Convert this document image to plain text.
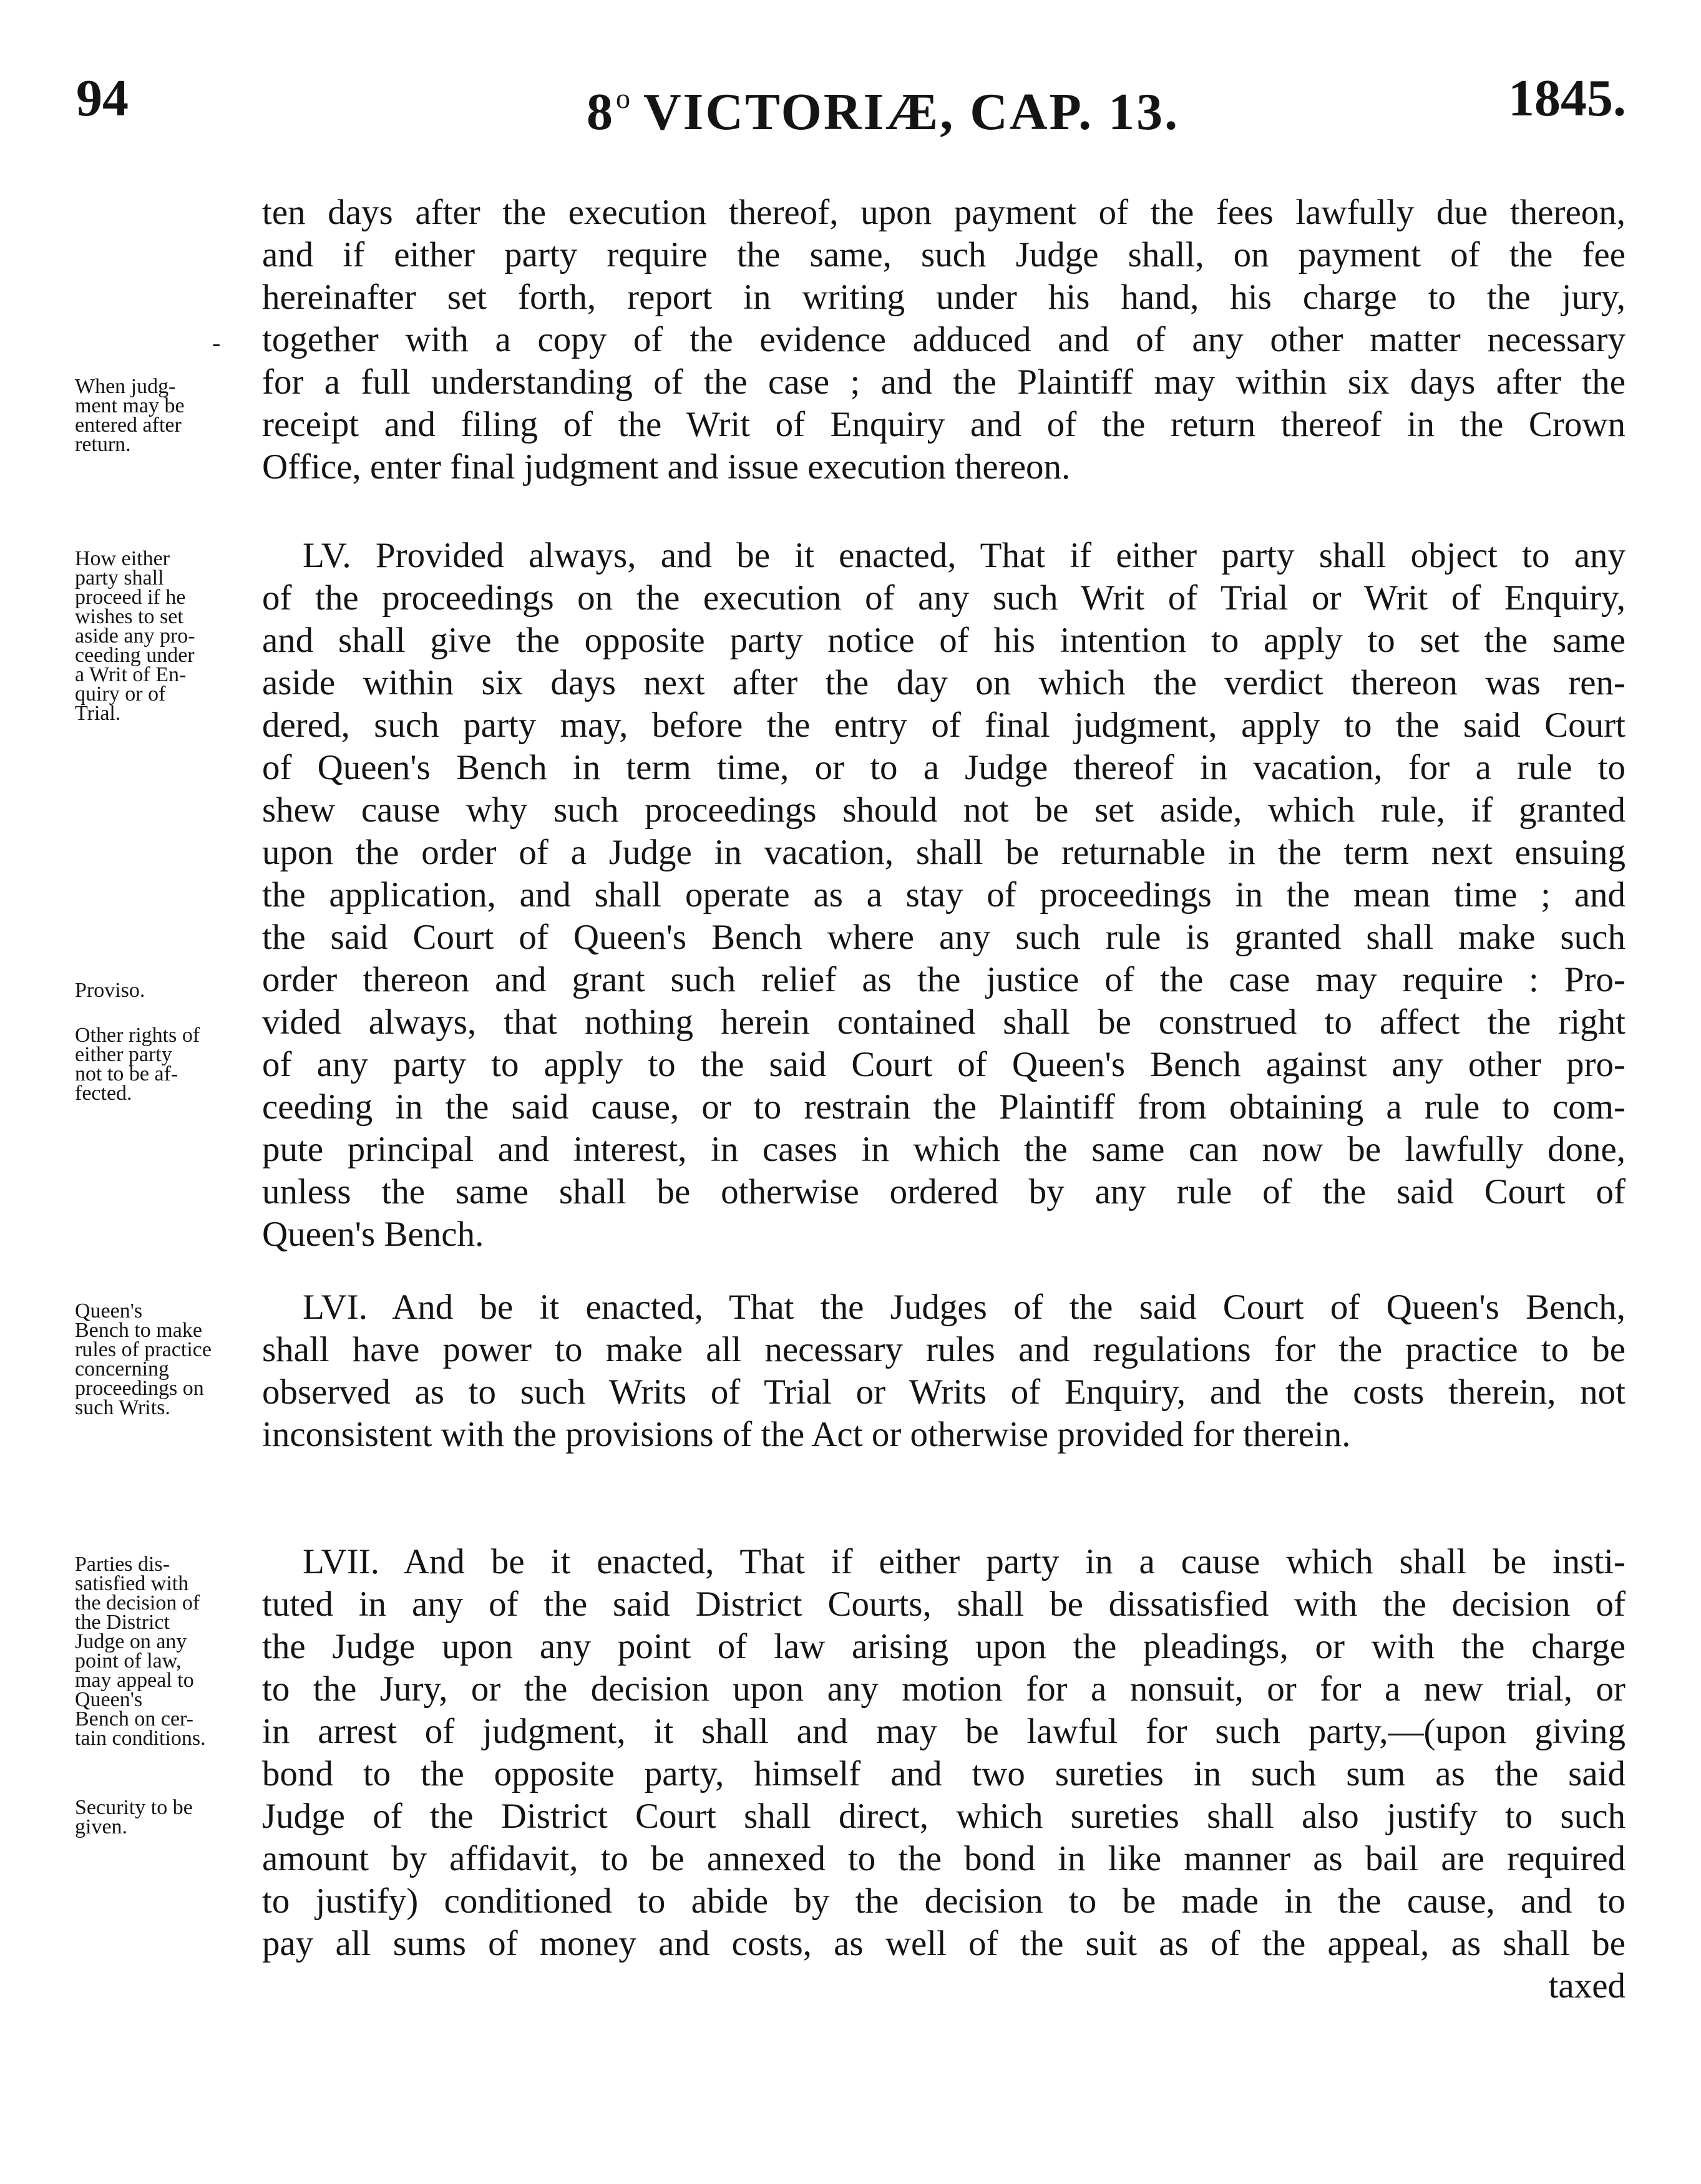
94	8$^o$ VICTORIÆ, CAP. 13.	1845.
-
When judg-
ment may be
entered after
return.
How either
party shall
proceed if he
wishes to set
aside any pro-
ceeding under
a Writ of En-
quiry or of
Trial.
Proviso.
Other rights of
either party
not to be af-
fected.
Queen's
Bench to make
rules of practice
concerning
proceedings on
such Writs.
Parties dis-
satisfied with
the decision of
the District
Judge on any
point of law,
may appeal to
Queen's
Bench on cer-
tain conditions.
Security to be
given.
ten days after the execution thereof, upon payment of the fees lawfully due thereon,
and if either party require the same, such Judge shall, on payment of the fee
hereinafter set forth, report in writing under his hand, his charge to the jury,
together with a copy of the evidence adduced and of any other matter necessary
for a full understanding of the case ; and the Plaintiff may within six days after the
receipt and filing of the Writ of Enquiry and of the return thereof in the Crown
Office, enter final judgment and issue execution thereon.
LV. Provided always, and be it enacted, That if either party shall object to any
of the proceedings on the execution of any such Writ of Trial or Writ of Enquiry,
and shall give the opposite party notice of his intention to apply to set the same
aside within six days next after the day on which the verdict thereon was ren-
dered, such party may, before the entry of final judgment, apply to the said Court
of Queen's Bench in term time, or to a Judge thereof in vacation, for a rule to
shew cause why such proceedings should not be set aside, which rule, if granted
upon the order of a Judge in vacation, shall be returnable in the term next ensuing
the application, and shall operate as a stay of proceedings in the mean time ; and
the said Court of Queen's Bench where any such rule is granted shall make such
order thereon and grant such relief as the justice of the case may require : Pro-
vided always, that nothing herein contained shall be construed to affect the right
of any party to apply to the said Court of Queen's Bench against any other pro-
ceeding in the said cause, or to restrain the Plaintiff from obtaining a rule to com-
pute principal and interest, in cases in which the same can now be lawfully done,
unless the same shall be otherwise ordered by any rule of the said Court of
Queen's Bench.
LVI. And be it enacted, That the Judges of the said Court of Queen's Bench,
shall have power to make all necessary rules and regulations for the practice to be
observed as to such Writs of Trial or Writs of Enquiry, and the costs therein, not
inconsistent with the provisions of the Act or otherwise provided for therein.
LVII. And be it enacted, That if either party in a cause which shall be insti-
tuted in any of the said District Courts, shall be dissatisfied with the decision of
the Judge upon any point of law arising upon the pleadings, or with the charge
to the Jury, or the decision upon any motion for a nonsuit, or for a new trial, or
in arrest of judgment, it shall and may be lawful for such party,—(upon giving
bond to the opposite party, himself and two sureties in such sum as the said
Judge of the District Court shall direct, which sureties shall also justify to such
amount by affidavit, to be annexed to the bond in like manner as bail are required
to justify) conditioned to abide by the decision to be made in the cause, and to
pay all sums of money and costs, as well of the suit as of the appeal, as shall be
taxed
